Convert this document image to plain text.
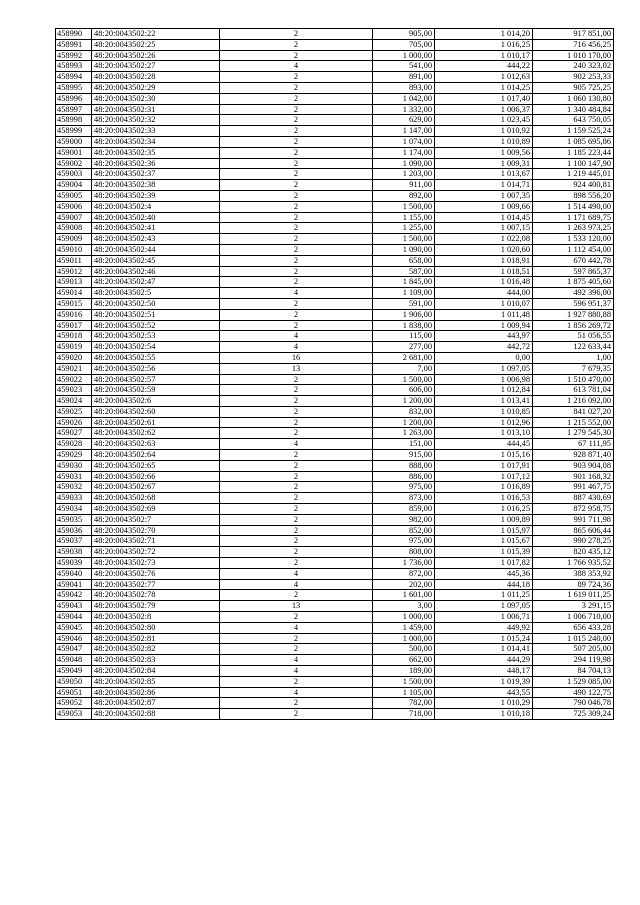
458990	48:20:0043502:22	2	905,00	1 014,20	917 851,00
458991	48:20:0043502:25	2	705,00	1 016,25	716 456,25
458992	48:20:0043502:26	2	1 000,00	1 010,17	1 010 170,00
458993	48:20:0043502:27	4	541,00	444,22	240 323,02
458994	48:20:0043502:28	2	891,00	1 012,63	902 253,33
458995	48:20:0043502:29	2	893,00	1 014,25	905 725,25
458996	48:20:0043502:30	2	1 042,00	1 017,40	1 060 130,80
458997	48:20:0043502:31	2	1 332,00	1 006,37	1 340 484,84
458998	48:20:0043502:32	2	629,00	1 023,45	643 750,05
458999	48:20:0043502:33	2	1 147,00	1 010,92	1 159 525,24
459000	48:20:0043502:34	2	1 074,00	1 010,89	1 085 695,86
459001	48:20:0043502:35	2	1 174,00	1 009,56	1 185 223,44
459002	48:20:0043502:36	2	1 090,00	1 009,31	1 100 147,90
459003	48:20:0043502:37	2	1 203,00	1 013,67	1 219 445,01
459004	48:20:0043502:38	2	911,00	1 014,71	924 400,81
459005	48:20:0043502:39	2	892,00	1 007,35	898 556,20
459006	48:20:0043502:4	2	1 500,00	1 009,66	1 514 490,00
459007	48:20:0043502:40	2	1 155,00	1 014,45	1 171 689,75
459008	48:20:0043502:41	2	1 255,00	1 007,15	1 263 973,25
459009	48:20:0043502:43	2	1 500,00	1 022,08	1 533 120,00
459010	48:20:0043502:44	2	1 090,00	1 020,60	1 112 454,00
459011	48:20:0043502:45	2	658,00	1 018,91	670 442,78
459012	48:20:0043502:46	2	587,00	1 018,51	597 865,37
459013	48:20:0043502:47	2	1 845,00	1 016,48	1 875 405,60
459014	48:20:0043502:5	4	1 109,00	444,00	492 396,00
459015	48:20:0043502:50	2	591,00	1 010,07	596 951,37
459016	48:20:0043502:51	2	1 906,00	1 011,48	1 927 880,88
459017	48:20:0043502:52	2	1 838,00	1 009,94	1 856 269,72
459018	48:20:0043502:53	4	115,00	443,97	51 056,55
459019	48:20:0043502:54	4	277,00	442,72	122 633,44
459020	48:20:0043502:55	16	2 681,00	0,00	1,00
459021	48:20:0043502:56	13	7,00	1 097,05	7 679,35
459022	48:20:0043502:57	2	1 500,00	1 006,98	1 510 470,00
459023	48:20:0043502:59	2	606,00	1 012,84	613 781,04
459024	48:20:0043502:6	2	1 200,00	1 013,41	1 216 092,00
459025	48:20:0043502:60	2	832,00	1 010,85	841 027,20
459026	48:20:0043502:61	2	1 200,00	1 012,96	1 215 552,00
459027	48:20:0043502:62	2	1 263,00	1 013,10	1 279 545,30
459028	48:20:0043502:63	4	151,00	444,45	67 111,95
459029	48:20:0043502:64	2	915,00	1 015,16	928 871,40
459030	48:20:0043502:65	2	888,00	1 017,91	903 904,08
459031	48:20:0043502:66	2	886,00	1 017,12	901 168,32
459032	48:20:0043502:67	2	975,00	1 016,89	991 467,75
459033	48:20:0043502:68	2	873,00	1 016,53	887 430,69
459034	48:20:0043502:69	2	859,00	1 016,25	872 958,75
459035	48:20:0043502:7	2	982,00	1 009,89	991 711,98
459036	48:20:0043502:70	2	852,00	1 015,97	865 606,44
459037	48:20:0043502:71	2	975,00	1 015,67	990 278,25
459038	48:20:0043502:72	2	808,00	1 015,39	820 435,12
459039	48:20:0043502:73	2	1 736,00	1 017,82	1 766 935,52
459040	48:20:0043502:76	4	872,00	445,36	388 353,92
459041	48:20:0043502:77	4	202,00	444,18	89 724,36
459042	48:20:0043502:78	2	1 601,00	1 011,25	1 619 011,25
459043	48:20:0043502:79	13	3,00	1 097,05	3 291,15
459044	48:20:0043502:8	2	1 000,00	1 006,71	1 006 710,00
459045	48:20:0043502:80	4	1 459,00	449,92	656 433,28
459046	48:20:0043502:81	2	1 000,00	1 015,24	1 015 240,00
459047	48:20:0043502:82	2	500,00	1 014,41	507 205,00
459048	48:20:0043502:83	4	662,00	444,29	294 119,98
459049	48:20:0043502:84	4	189,00	448,17	84 704,13
459050	48:20:0043502:85	2	1 500,00	1 019,39	1 529 085,00
459051	48:20:0043502:86	4	1 105,00	443,55	490 122,75
459052	48:20:0043502:87	2	782,00	1 010,29	790 046,78
459053	48:20:0043502:88	2	718,00	1 010,18	725 309,24
